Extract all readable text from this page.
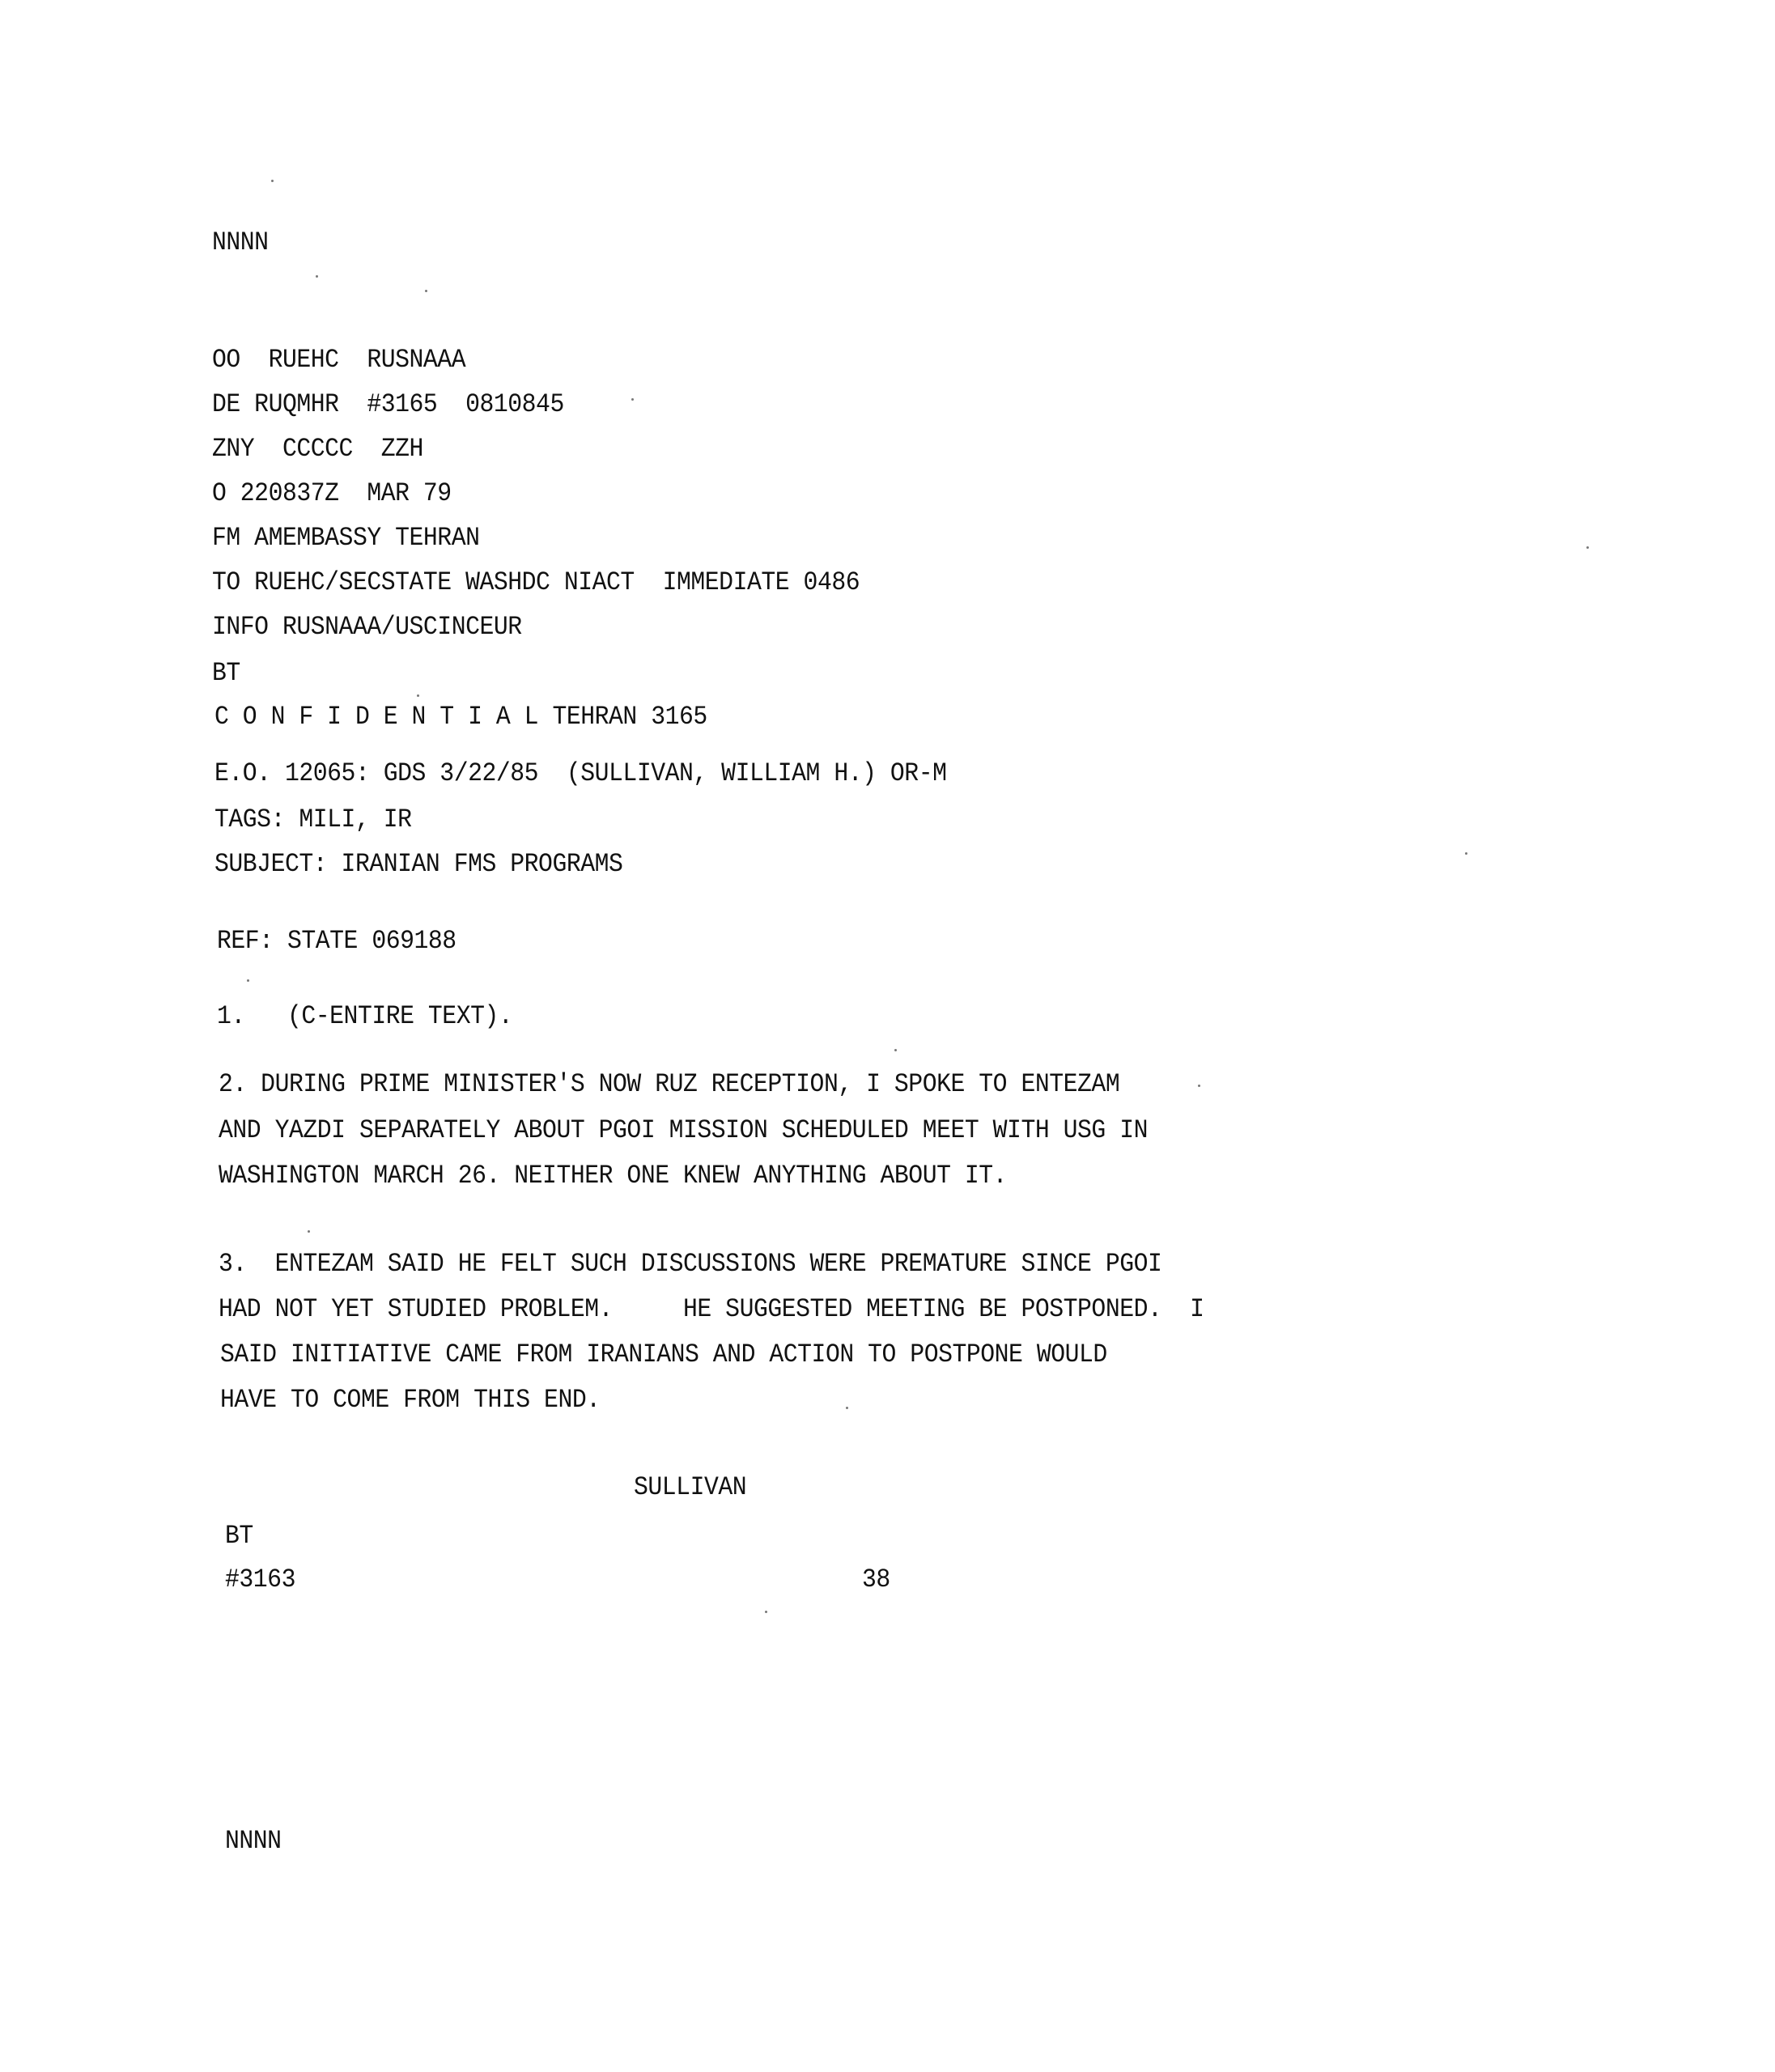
NNNN
OO  RUEHC  RUSNAAA
DE RUQMHR  #3165  0810845
ZNY  CCCCC  ZZH
O 220837Z  MAR 79
FM AMEMBASSY TEHRAN
TO RUEHC/SECSTATE WASHDC NIACT  IMMEDIATE 0486
INFO RUSNAAA/USCINCEUR
BT
C O N F I D E N T I A L TEHRAN 3165
E.O. 12065: GDS 3/22/85  (SULLIVAN, WILLIAM H.) OR-M
TAGS: MILI, IR
SUBJECT: IRANIAN FMS PROGRAMS
REF: STATE 069188
1.   (C-ENTIRE TEXT).
2. DURING PRIME MINISTER'S NOW RUZ RECEPTION, I SPOKE TO ENTEZAM
AND YAZDI SEPARATELY ABOUT PGOI MISSION SCHEDULED MEET WITH USG IN
WASHINGTON MARCH 26. NEITHER ONE KNEW ANYTHING ABOUT IT.
3.  ENTEZAM SAID HE FELT SUCH DISCUSSIONS WERE PREMATURE SINCE PGOI
HAD NOT YET STUDIED PROBLEM.     HE SUGGESTED MEETING BE POSTPONED.  I
SAID INITIATIVE CAME FROM IRANIANS AND ACTION TO POSTPONE WOULD
HAVE TO COME FROM THIS END.
SULLIVAN
BT
#3163	38
NNNN
